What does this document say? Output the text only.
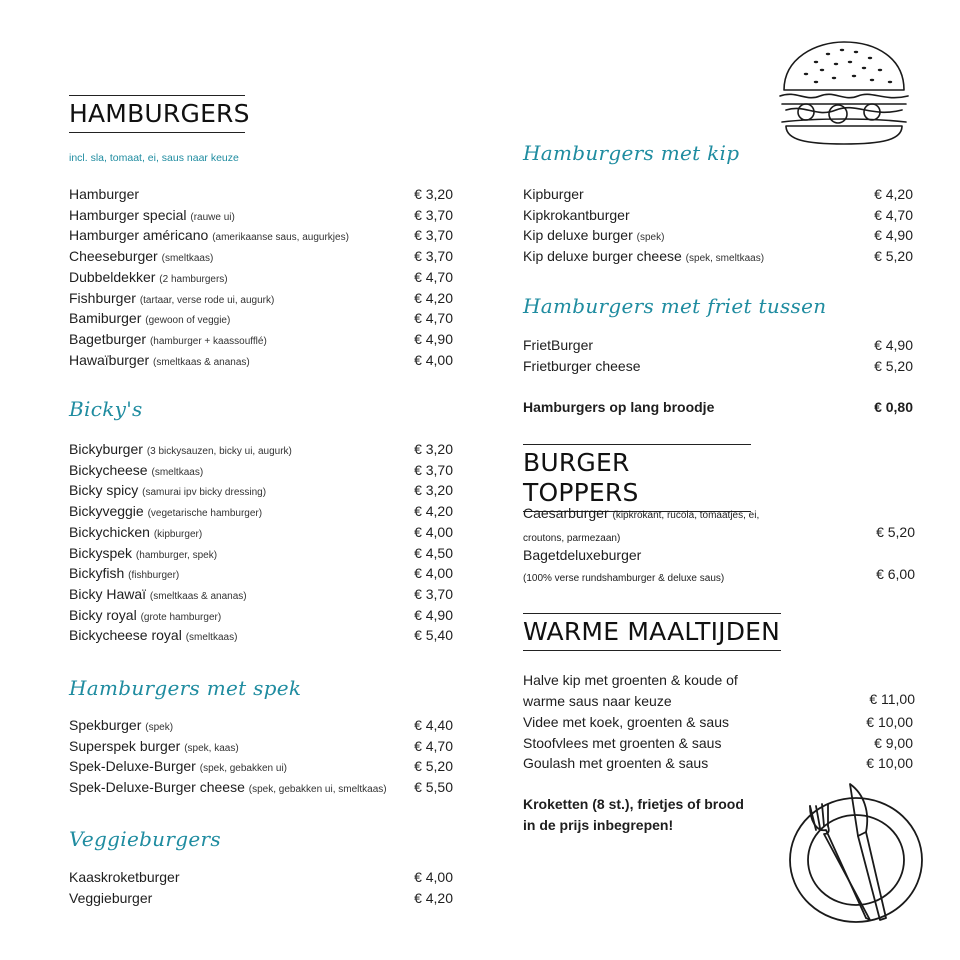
HAMBURGERS
incl. sla, tomaat, ei, saus naar keuze
Hamburger	€ 3,20
Hamburger special (rauwe ui)	€ 3,70
Hamburger américano (amerikaanse saus, augurkjes)	€ 3,70
Cheeseburger (smeltkaas)	€ 3,70
Dubbeldekker (2 hamburgers)	€ 4,70
Fishburger (tartaar, verse rode ui, augurk)	€ 4,20
Bamiburger (gewoon of veggie)	€ 4,70
Bagetburger (hamburger + kaassoufflé)	€ 4,90
Hawaïburger (smeltkaas & ananas)	€ 4,00
Bicky's
Bickyburger (3 bickysauzen, bicky ui, augurk)	€ 3,20
Bickycheese (smeltkaas)	€ 3,70
Bicky spicy (samurai ipv bicky dressing)	€ 3,20
Bickyveggie (vegetarische hamburger)	€ 4,20
Bickychicken (kipburger)	€ 4,00
Bickyspek (hamburger, spek)	€ 4,50
Bickyfish (fishburger)	€ 4,00
Bicky Hawaï (smeltkaas & ananas)	€ 3,70
Bicky royal (grote hamburger)	€ 4,90
Bickycheese royal (smeltkaas)	€ 5,40
Hamburgers met spek
Spekburger (spek)	€ 4,40
Superspek burger (spek, kaas)	€ 4,70
Spek-Deluxe-Burger (spek, gebakken ui)	€ 5,20
Spek-Deluxe-Burger cheese (spek, gebakken ui, smeltkaas) € 5,50
Veggieburgers
Kaaskroketburger	€ 4,00
Veggieburger	€ 4,20
Hamburgers met kip
Kipburger	€ 4,20
Kipkrokantburger	€ 4,70
Kip deluxe burger (spek)	€ 4,90
Kip deluxe burger cheese (spek, smeltkaas)	€ 5,20
Hamburgers met friet tussen
FrietBurger	€ 4,90
Frietburger cheese	€ 5,20
Hamburgers op lang broodje	€ 0,80
BURGER TOPPERS
Caesarburger (kipkrokant, rucola, tomaatjes, ei,
croutons, parmezaan)	€ 5,20
Bagetdeluxeburger
(100% verse rundshamburger & deluxe saus)	€ 6,00
WARME MAALTIJDEN
Halve kip met groenten & koude of
warme saus naar keuze	€ 11,00
Videe met koek, groenten & saus	€ 10,00
Stoofvlees met groenten & saus	€ 9,00
Goulash met groenten & saus	€ 10,00
Kroketten (8 st.), frietjes of brood
in de prijs inbegrepen!
